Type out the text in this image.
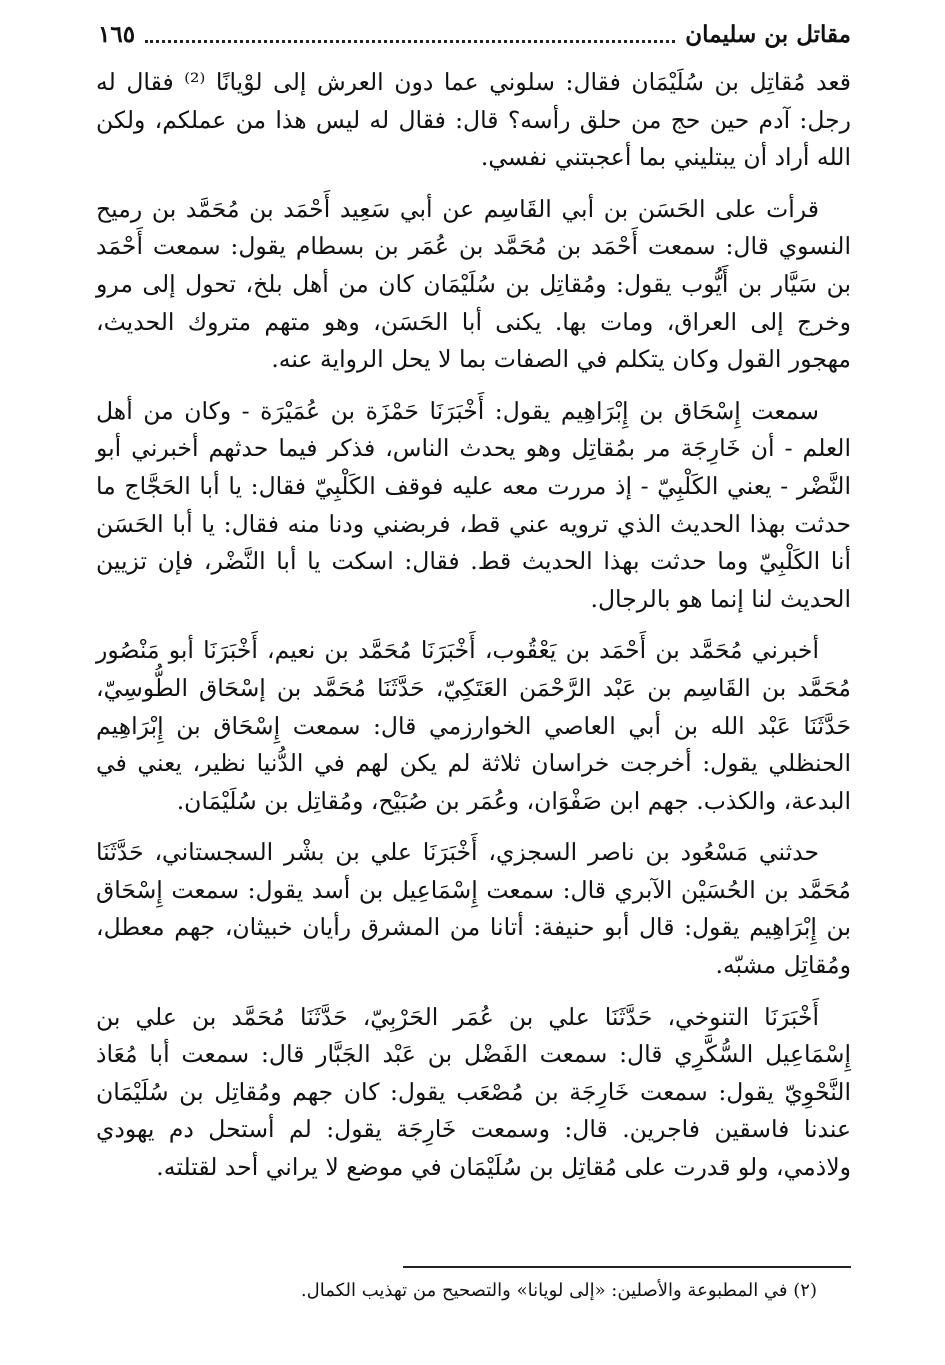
مقاتل بن سليمان
١٦٥

قعد مُقاتِل بن سُلَيْمَان فقال: سلوني عما دون العرش إلى لوْيانًا ⁽²⁾ فقال له رجل: آدم حين حج من حلق رأسه؟ قال: فقال له ليس هذا من عملكم، ولكن الله أراد أن يبتليني بما أعجبتني نفسي.

قرأت على الحَسَن بن أبي القَاسِم عن أبي سَعِيد أَحْمَد بن مُحَمَّد بن رميح النسوي قال: سمعت أَحْمَد بن مُحَمَّد بن عُمَر بن بسطام يقول: سمعت أَحْمَد بن سَيَّار بن أَيُّوب يقول: ومُقاتِل بن سُلَيْمَان كان من أهل بلخ، تحول إلى مرو وخرج إلى العراق، ومات بها. يكنى أبا الحَسَن، وهو متهم متروك الحديث، مهجور القول وكان يتكلم في الصفات بما لا يحل الرواية عنه.

سمعت إِسْحَاق بن إِبْرَاهِيم يقول: أَخْبَرَنَا حَمْزَة بن عُمَيْرَة - وكان من أهل العلم - أن خَارِجَة مر بمُقاتِل وهو يحدث الناس، فذكر فيما حدثهم أخبرني أبو النَّضْر - يعني الكَلْبِيّ - إذ مررت معه عليه فوقف الكَلْبِيّ فقال: يا أبا الحَجَّاج ما حدثت بهذا الحديث الذي ترويه عني قط، فربضني ودنا منه فقال: يا أبا الحَسَن أنا الكَلْبِيّ وما حدثت بهذا الحديث قط. فقال: اسكت يا أبا النَّضْر، فإن تزيين الحديث لنا إنما هو بالرجال.

أخبرني مُحَمَّد بن أَحْمَد بن يَعْقُوب، أَخْبَرَنَا مُحَمَّد بن نعيم، أَخْبَرَنَا أبو مَنْصُور مُحَمَّد بن القَاسِم بن عَبْد الرَّحْمَن العَتَكِيّ، حَدَّثَنَا مُحَمَّد بن إسْحَاق الطُّوسِيّ، حَدَّثَنَا عَبْد الله بن أبي العاصي الخوارزمي قال: سمعت إِسْحَاق بن إِبْرَاهِيم الحنظلي يقول: أخرجت خراسان ثلاثة لم يكن لهم في الدُّنيا نظير، يعني في البدعة، والكذب. جهم ابن صَفْوَان، وعُمَر بن صُبَيْح، ومُقاتِل بن سُلَيْمَان.

حدثني مَسْعُود بن ناصر السجزي، أَخْبَرَنَا علي بن بشْر السجستاني، حَدَّثَنَا مُحَمَّد بن الحُسَيْن الآبري قال: سمعت إِسْمَاعِيل بن أسد يقول: سمعت إِسْحَاق بن إِبْرَاهِيم يقول: قال أبو حنيفة: أتانا من المشرق رأيان خبيثان، جهم معطل، ومُقاتِل مشبّه.

أَخْبَرَنَا التنوخي، حَدَّثَنَا علي بن عُمَر الحَرْبِيّ، حَدَّثَنَا مُحَمَّد بن علي بن إِسْمَاعِيل السُّكَّرِي قال: سمعت الفَضْل بن عَبْد الجَبَّار قال: سمعت أبا مُعَاذ النَّحْوِيّ يقول: سمعت خَارِجَة بن مُصْعَب يقول: كان جهم ومُقاتِل بن سُلَيْمَان عندنا فاسقين فاجرين. قال: وسمعت خَارِجَة يقول: لم أستحل دم يهودي ولاذمي، ولو قدرت على مُقاتِل بن سُلَيْمَان في موضع لا يراني أحد لقتلته.

(٢) في المطبوعة والأصلين: «إلى لويانا» والتصحيح من تهذيب الكمال.
